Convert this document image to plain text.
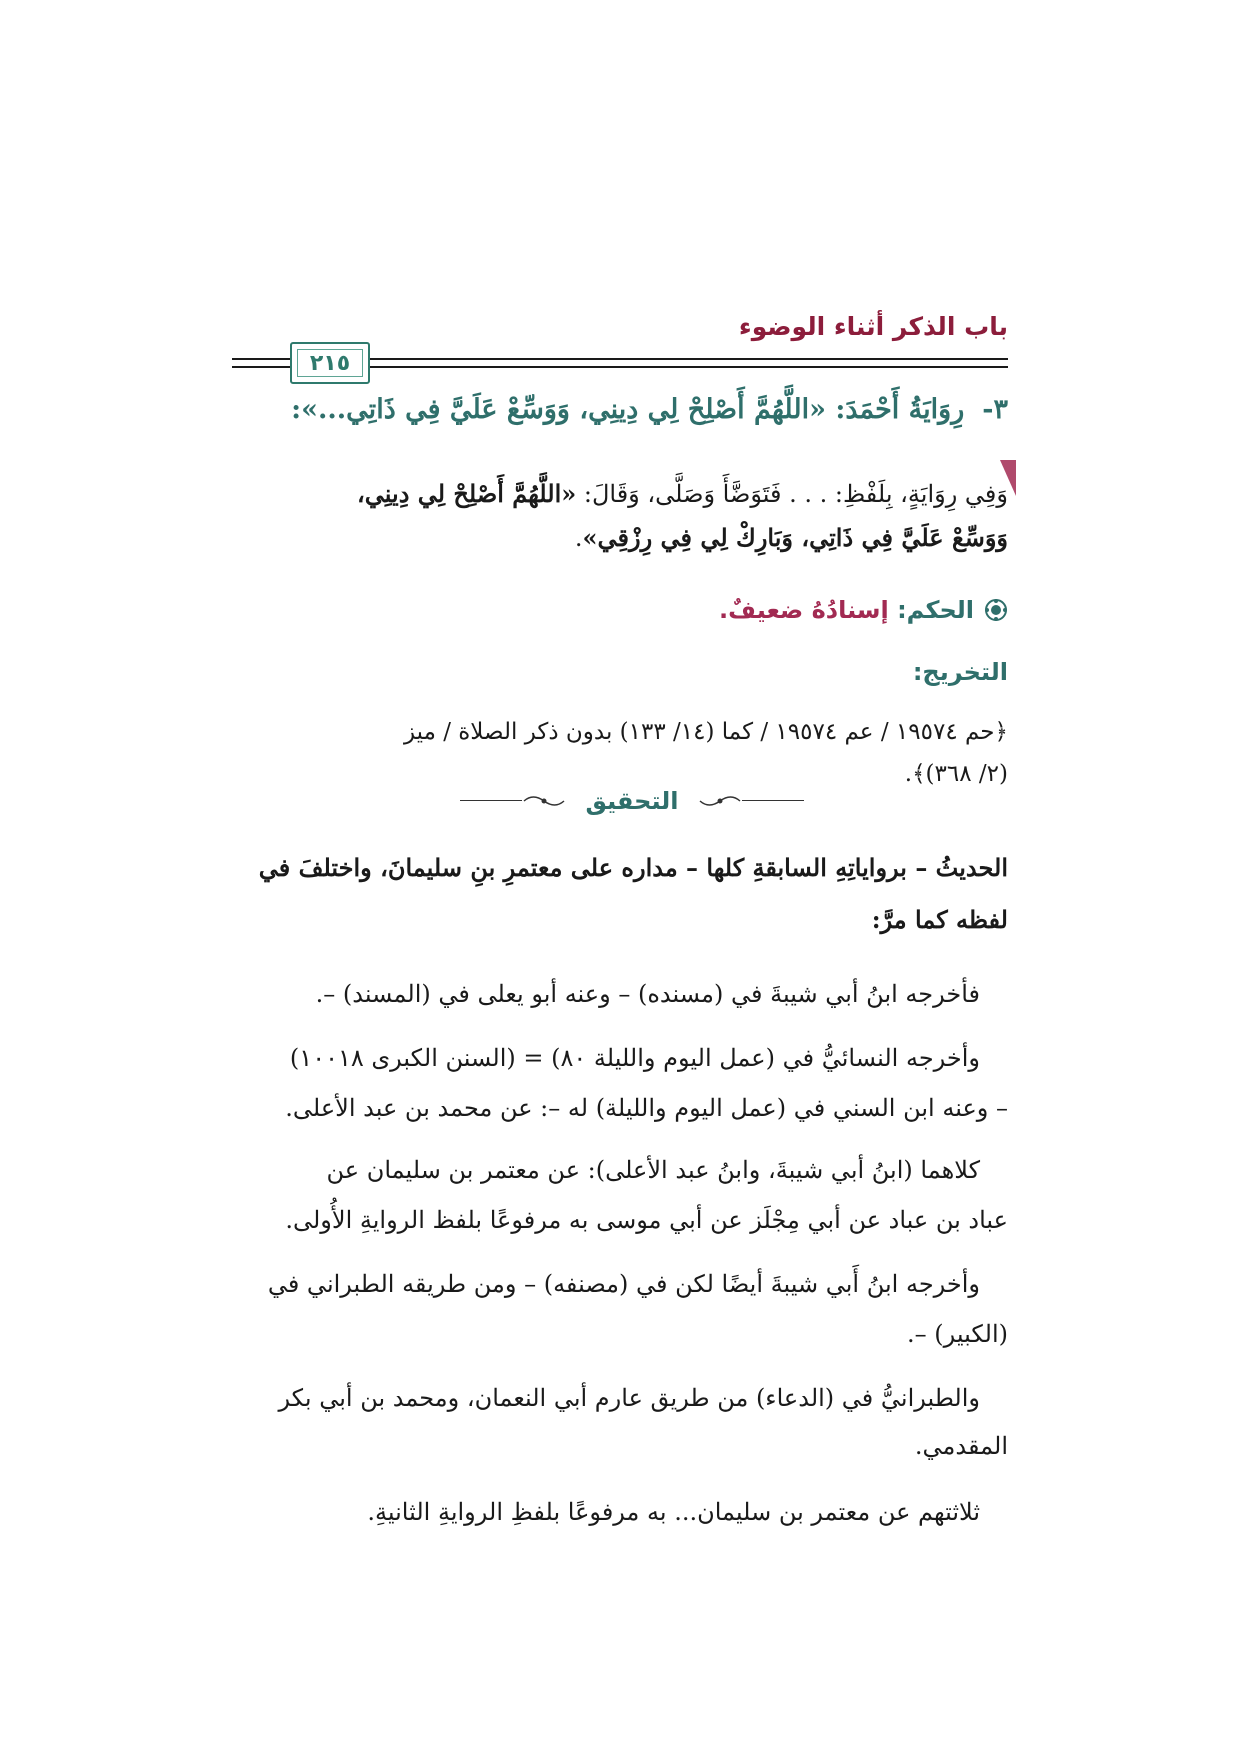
باب الذكر أثناء الوضوء
٢١٥
٣-رِوَايَةُ أَحْمَدَ: «اللَّهُمَّ أَصْلِحْ لِي دِينِي، وَوَسِّعْ عَلَيَّ فِي ذَاتِي...»:
وَفِي رِوَايَةٍ، بِلَفْظِ: . . . فَتَوَضَّأَ وَصَلَّى، وَقَالَ: «اللَّهُمَّ أَصْلِحْ لِي دِينِي،
وَوَسِّعْ عَلَيَّ فِي ذَاتِي، وَبَارِكْ لِي فِي رِزْقِي».
الحكم: إسنادُهُ ضعيفٌ.
التخريج:
﴿حم ١٩٥٧٤ / عم ١٩٥٧٤ / كما (١٤/ ١٣٣) بدون ذكر الصلاة / ميز
(٢/ ٣٦٨)﴾.
التحقيق
الحديثُ – برواياتِهِ السابقةِ كلها – مداره على معتمرِ بنِ سليمانَ، واختلفَ في
لفظه كما مرَّ:
فأخرجه ابنُ أبي شيبةَ في (مسنده) – وعنه أبو يعلى في (المسند) –.
وأخرجه النسائيُّ في (عمل اليوم والليلة ٨٠) = (السنن الكبرى ١٠٠١٨)
– وعنه ابن السني في (عمل اليوم والليلة) له –: عن محمد بن عبد الأعلى.
كلاهما (ابنُ أبي شيبةَ، وابنُ عبد الأعلى): عن معتمر بن سليمان عن
عباد بن عباد عن أبي مِجْلَز عن أبي موسى به مرفوعًا بلفظ الروايةِ الأُولى.
وأخرجه ابنُ أَبي شيبةَ أيضًا لكن في (مصنفه) – ومن طريقه الطبراني في
(الكبير) –.
والطبرانيُّ في (الدعاء) من طريق عارم أبي النعمان، ومحمد بن أبي بكر
المقدمي.
ثلاثتهم عن معتمر بن سليمان... به مرفوعًا بلفظِ الروايةِ الثانيةِ.
